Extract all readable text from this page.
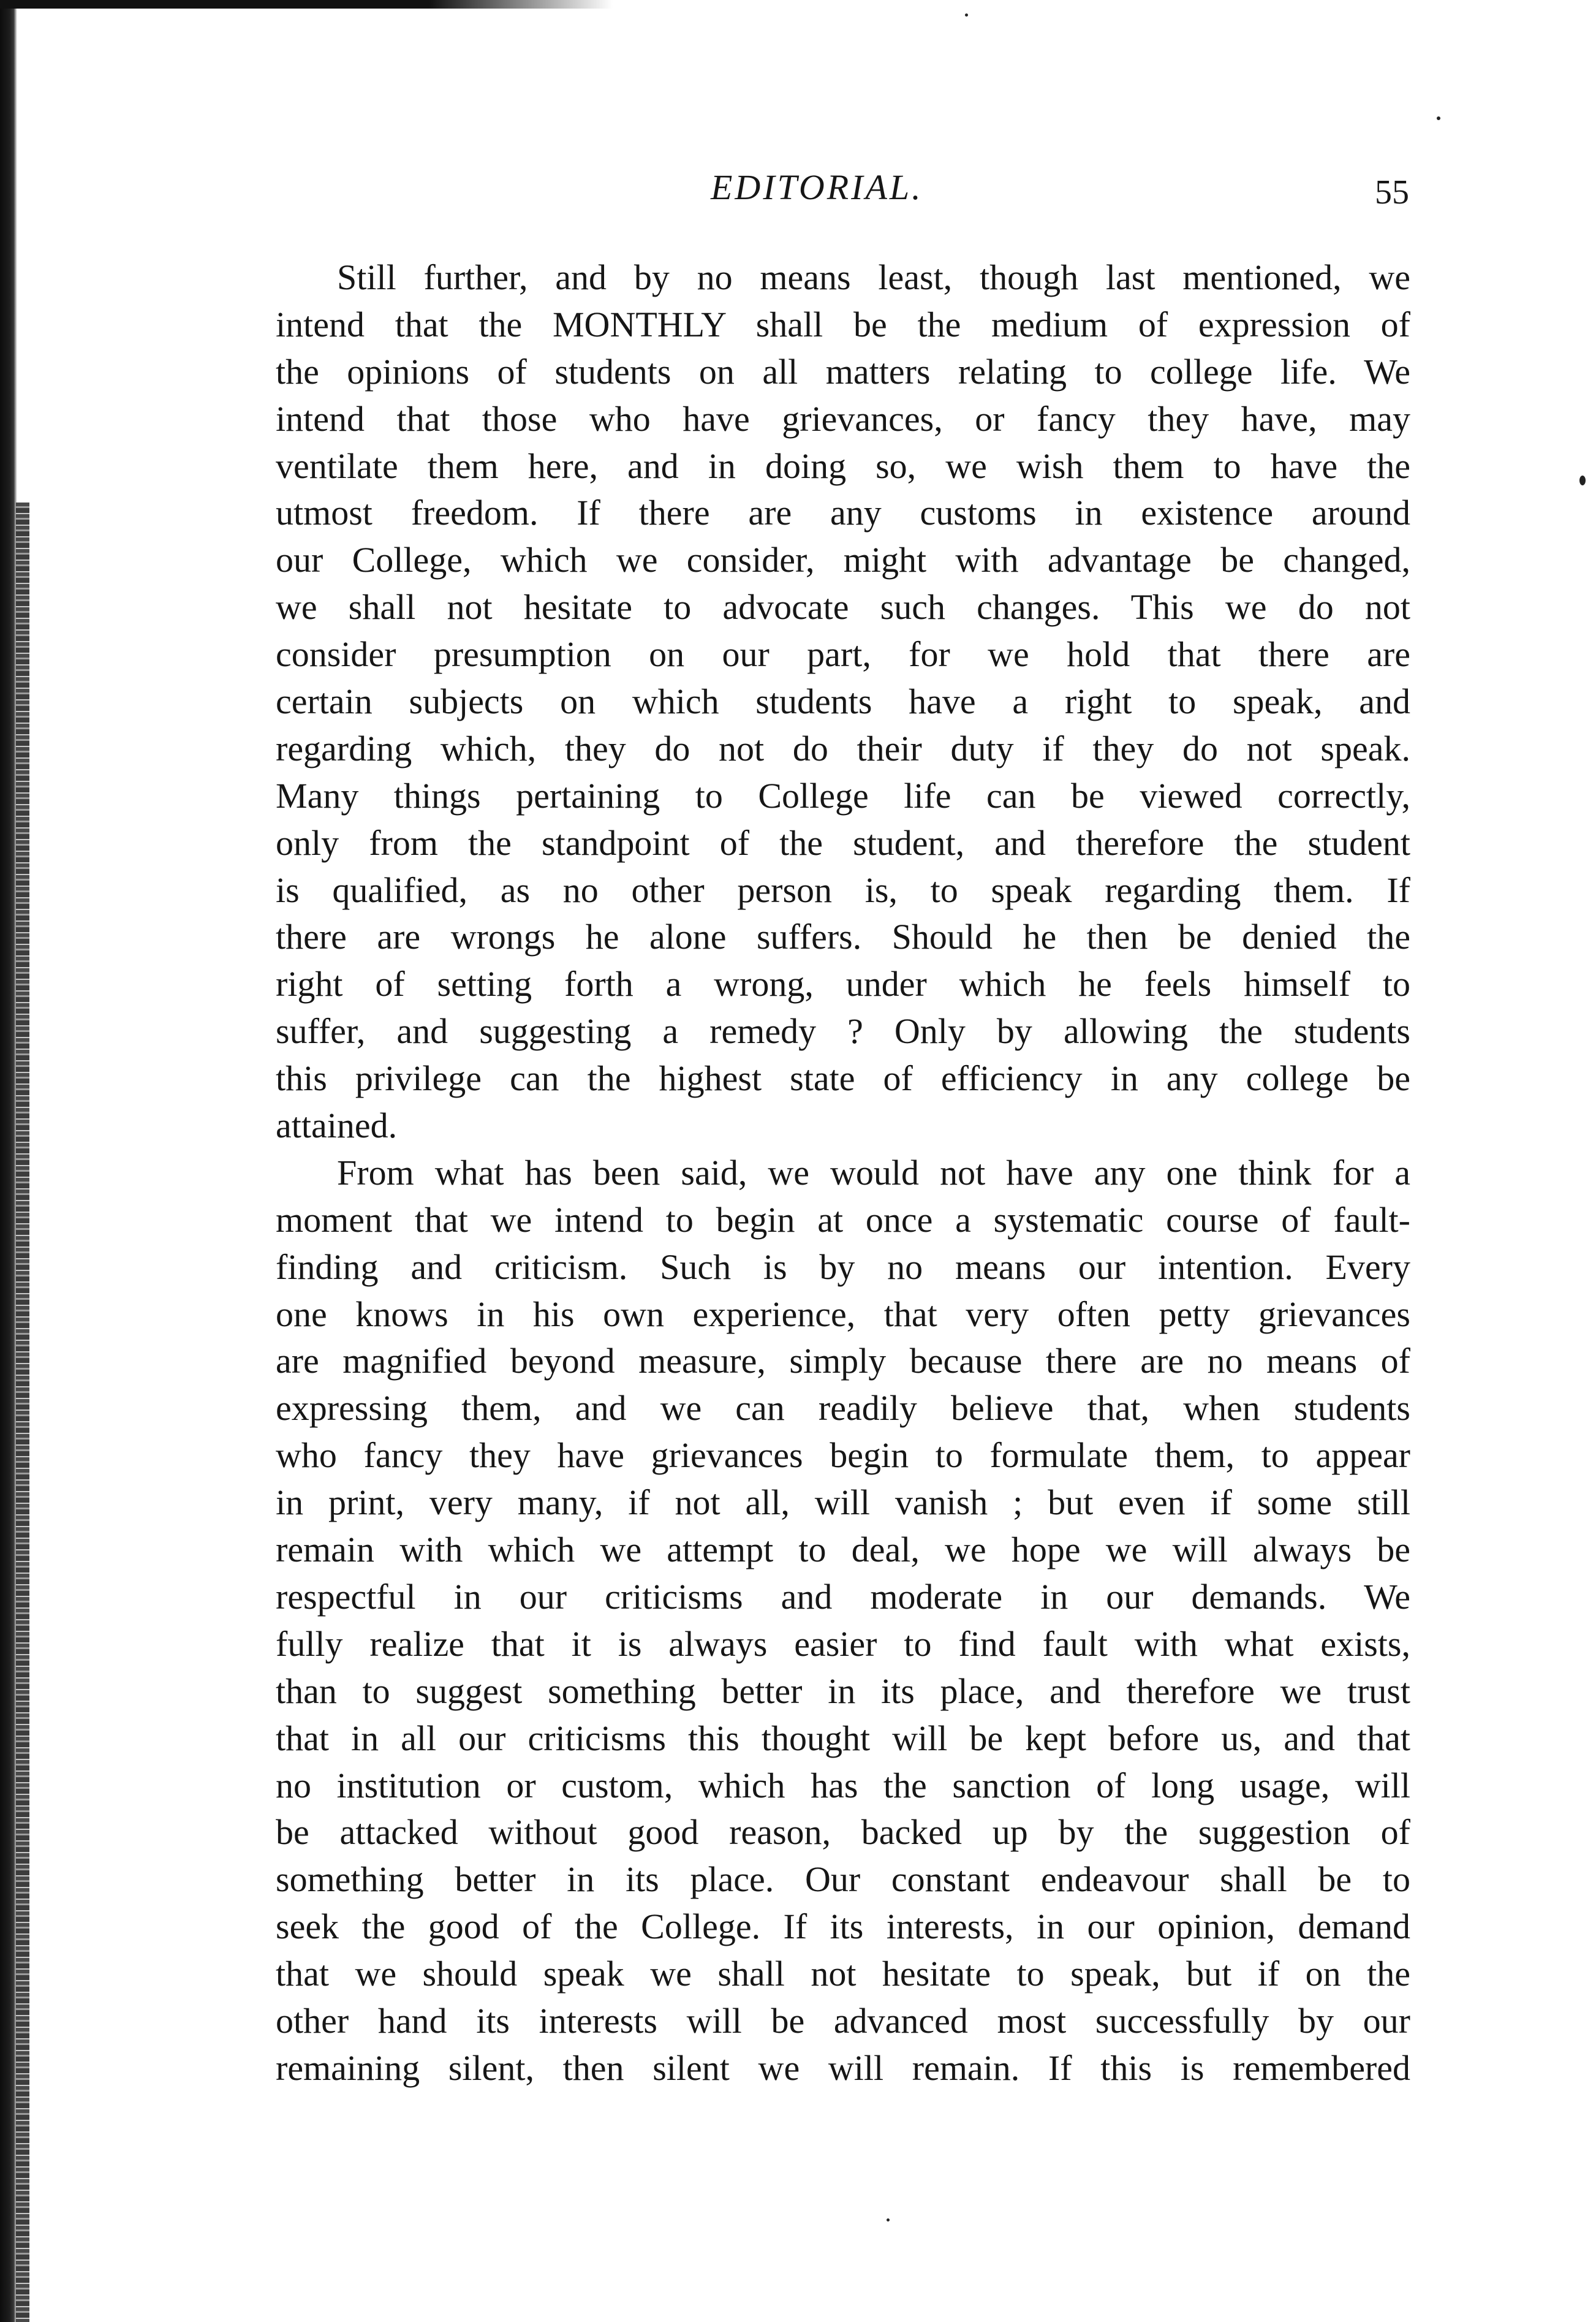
EDITORIAL.	55
Still further, and by no means least, though last mentioned, we
intend that the MONTHLY shall be the medium of expression of
the opinions of students on all matters relating to college life. We
intend that those who have grievances, or fancy they have, may
ventilate them here, and in doing so, we wish them to have the
utmost freedom. If there are any customs in existence around
our College, which we consider, might with advantage be changed,
we shall not hesitate to advocate such changes. This we do not
consider presumption on our part, for we hold that there are
certain subjects on which students have a right to speak, and
regarding which, they do not do their duty if they do not speak.
Many things pertaining to College life can be viewed correctly,
only from the standpoint of the student, and therefore the student
is qualified, as no other person is, to speak regarding them. If
there are wrongs he alone suffers. Should he then be denied the
right of setting forth a wrong, under which he feels himself to
suffer, and suggesting a remedy ? Only by allowing the students
this privilege can the highest state of efficiency in any college be
attained.
From what has been said, we would not have any one think for a
moment that we intend to begin at once a systematic course of fault-
finding and criticism. Such is by no means our intention. Every
one knows in his own experience, that very often petty grievances
are magnified beyond measure, simply because there are no means of
expressing them, and we can readily believe that, when students
who fancy they have grievances begin to formulate them, to appear
in print, very many, if not all, will vanish ; but even if some still
remain with which we attempt to deal, we hope we will always be
respectful in our criticisms and moderate in our demands. We
fully realize that it is always easier to find fault with what exists,
than to suggest something better in its place, and therefore we trust
that in all our criticisms this thought will be kept before us, and that
no institution or custom, which has the sanction of long usage, will
be attacked without good reason, backed up by the suggestion of
something better in its place. Our constant endeavour shall be to
seek the good of the College. If its interests, in our opinion, demand
that we should speak we shall not hesitate to speak, but if on the
other hand its interests will be advanced most successfully by our
remaining silent, then silent we will remain. If this is remembered
